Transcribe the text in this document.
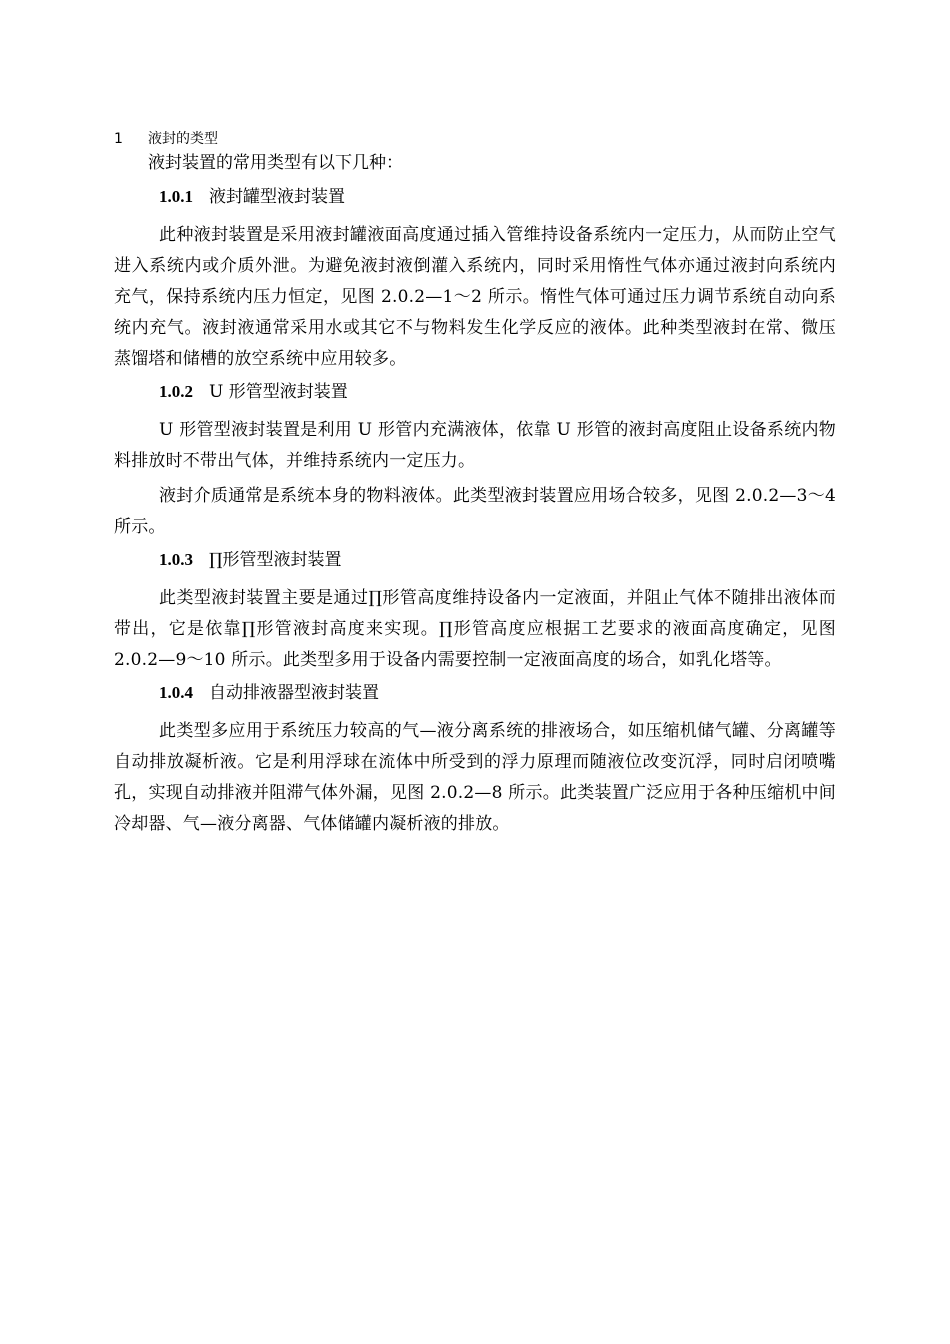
1 液封的类型
液封装置的常用类型有以下几种：
1.0.1 液封罐型液封装置

此种液封装置是采用液封罐液面高度通过插入管维持设备系统内一定压力，从而防止空气进入系统内或介质外泄。为避免液封液倒灌入系统内，同时采用惰性气体亦通过液封向系统内充气，保持系统内压力恒定，见图 2.0.2—1～2 所示。惰性气体可通过压力调节系统自动向系统内充气。液封液通常采用水或其它不与物料发生化学反应的液体。此种类型液封在常、微压蒸馏塔和储槽的放空系统中应用较多。

1.0.2 U 形管型液封装置

U 形管型液封装置是利用 U 形管内充满液体，依靠 U 形管的液封高度阻止设备系统内物料排放时不带出气体，并维持系统内一定压力。

液封介质通常是系统本身的物料液体。此类型液封装置应用场合较多，见图 2.0.2—3～4 所示。

1.0.3 ∏形管型液封装置

此类型液封装置主要是通过∏形管高度维持设备内一定液面，并阻止气体不随排出液体而带出，它是依靠∏形管液封高度来实现。∏形管高度应根据工艺要求的液面高度确定，见图 2.0.2—9～10 所示。此类型多用于设备内需要控制一定液面高度的场合，如乳化塔等。

1.0.4 自动排液器型液封装置

此类型多应用于系统压力较高的气—液分离系统的排液场合，如压缩机储气罐、分离罐等自动排放凝析液。它是利用浮球在流体中所受到的浮力原理而随液位改变沉浮，同时启闭喷嘴孔，实现自动排液并阻滞气体外漏，见图 2.0.2—8 所示。此类装置广泛应用于各种压缩机中间冷却器、气—液分离器、气体储罐内凝析液的排放。
